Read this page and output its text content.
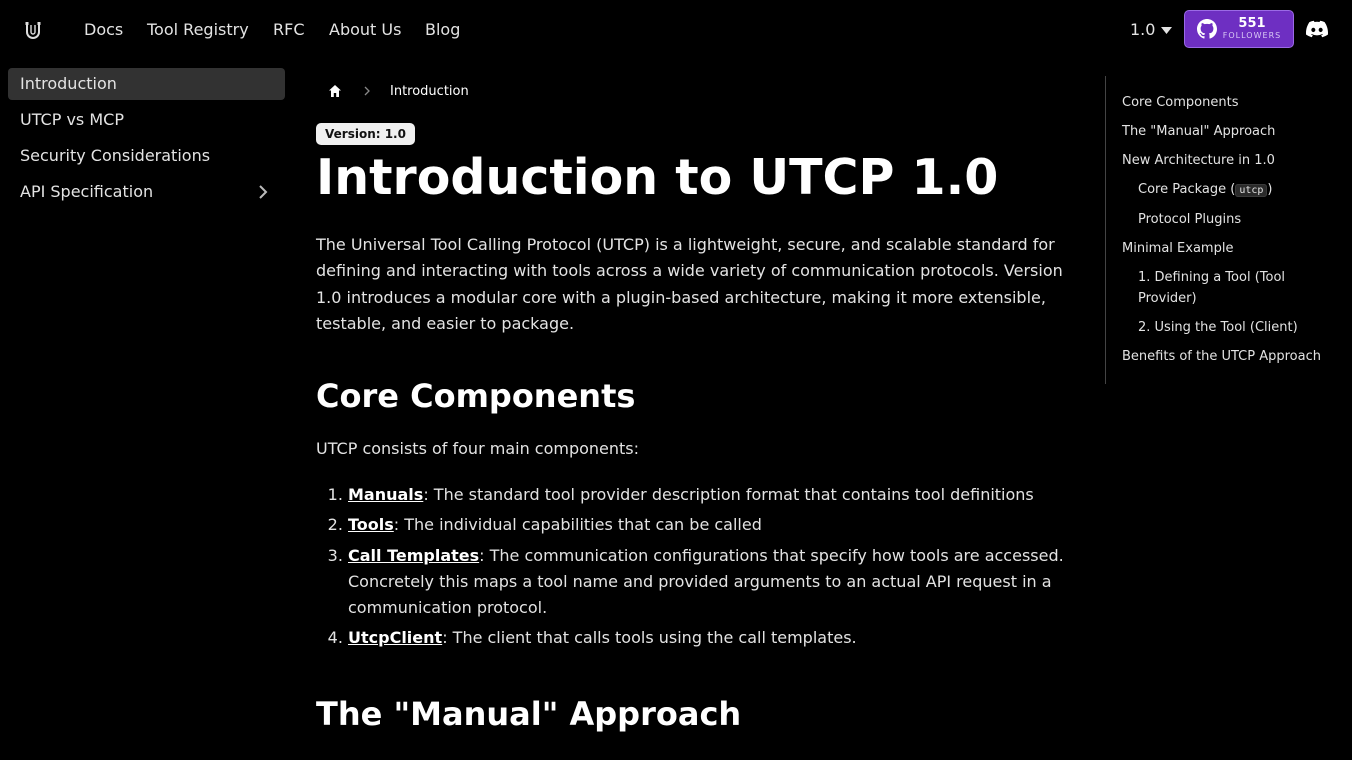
Docs Tool Registry RFC About Us Blog	1.0	551
FOLLOWERS
Introduction
UTCP vs MCP
Security Considerations
API Specification
Introduction
Version: 1.0
Introduction to UTCP 1.0

The Universal Tool Calling Protocol (UTCP) is a lightweight, secure, and scalable standard for defining and interacting with tools across a wide variety of communication protocols. Version 1.0 introduces a modular core with a plugin-based architecture, making it more extensible, testable, and easier to package.

Core Components

UTCP consists of four main components:

1. Manuals: The standard tool provider description format that contains tool definitions
2. Tools: The individual capabilities that can be called
3. Call Templates: The communication configurations that specify how tools are accessed. Concretely this maps a tool name and provided arguments to an actual API request in a communication protocol.
4. UtcpClient: The client that calls tools using the call templates.
The "Manual" Approach
Core Components
The "Manual" Approach
New Architecture in 1.0
Core Package ( utcp )
Protocol Plugins
Minimal Example
1. Defining a Tool (Tool Provider)
2. Using the Tool (Client)
Benefits of the UTCP Approach
